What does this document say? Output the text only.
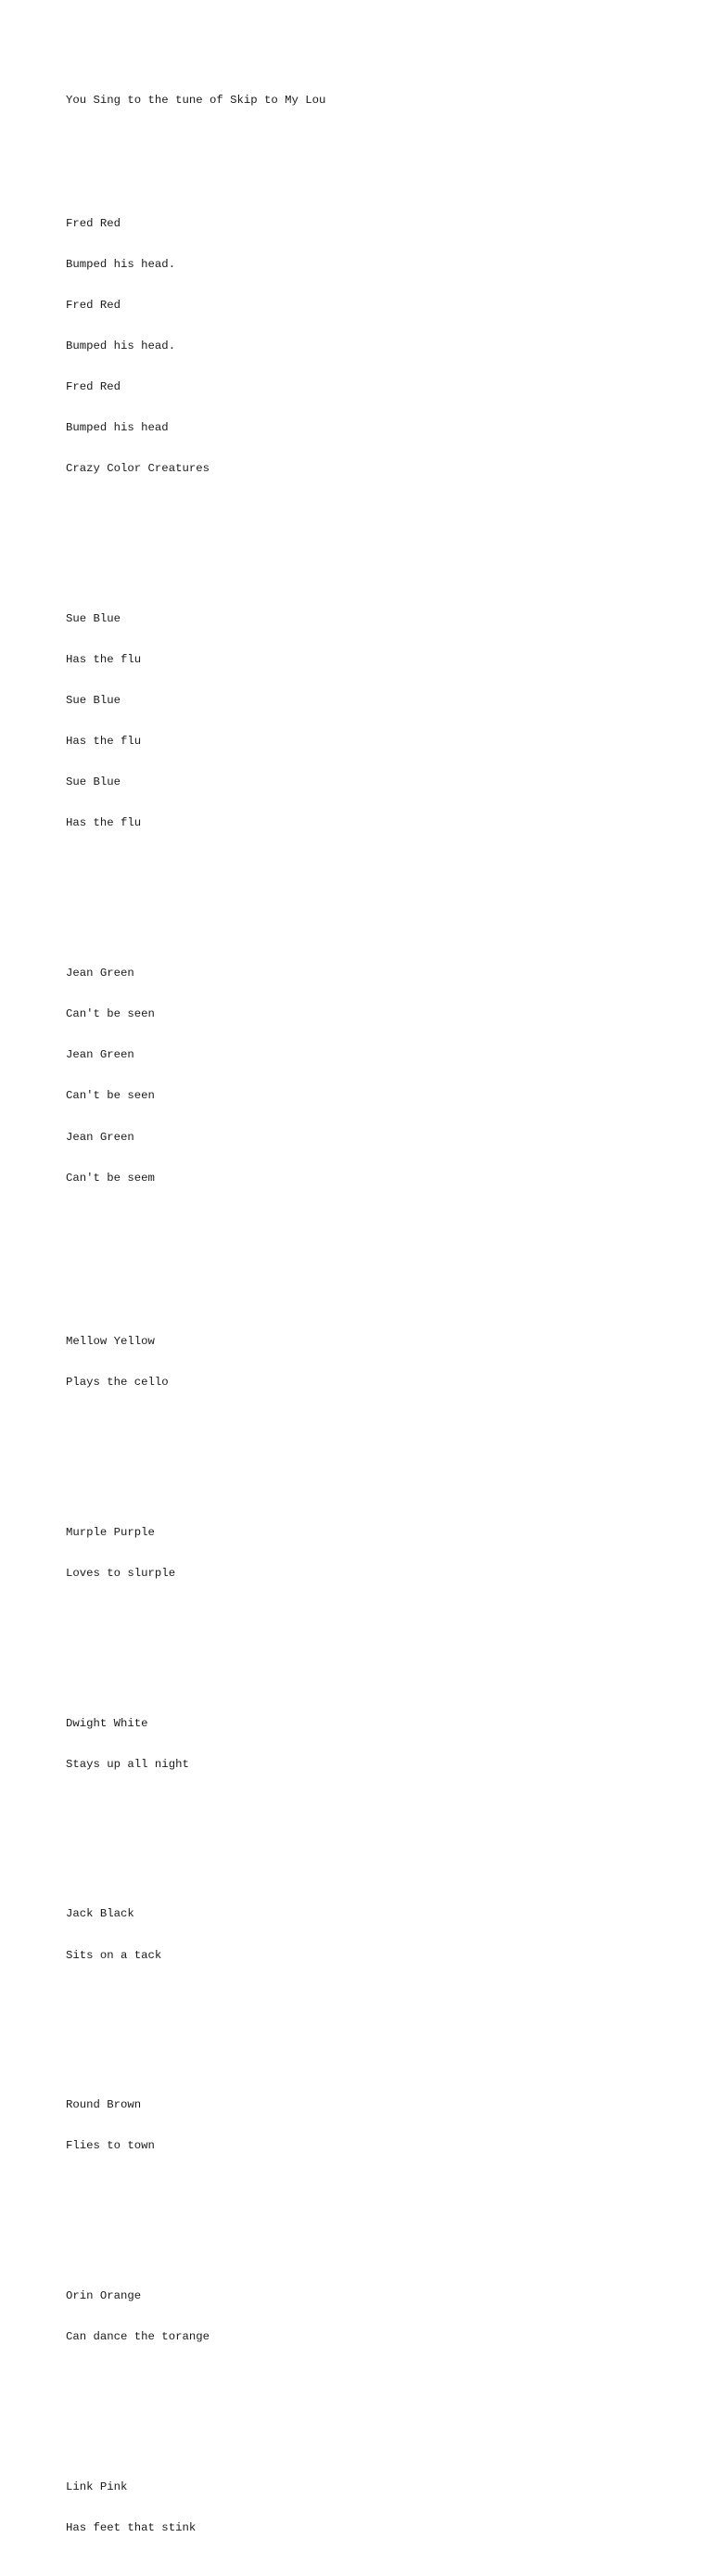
You Sing to the tune of Skip to My Lou

Fred Red

Bumped his head.

Fred Red

Bumped his head.

Fred Red

Bumped his head

Crazy Color Creatures

Sue Blue

Has the flu

Sue Blue

Has the flu

Sue Blue

Has the flu

Jean Green

Can't be seen

Jean Green

Can't be seen

Jean Green

Can't be seem

Mellow Yellow

Plays the cello

Murple Purple

Loves to slurple

Dwight White

Stays up all night

Jack Black

Sits on a tack

Round Brown

Flies to town

Orin Orange

Can dance the torange

Link Pink

Has feet that stink
